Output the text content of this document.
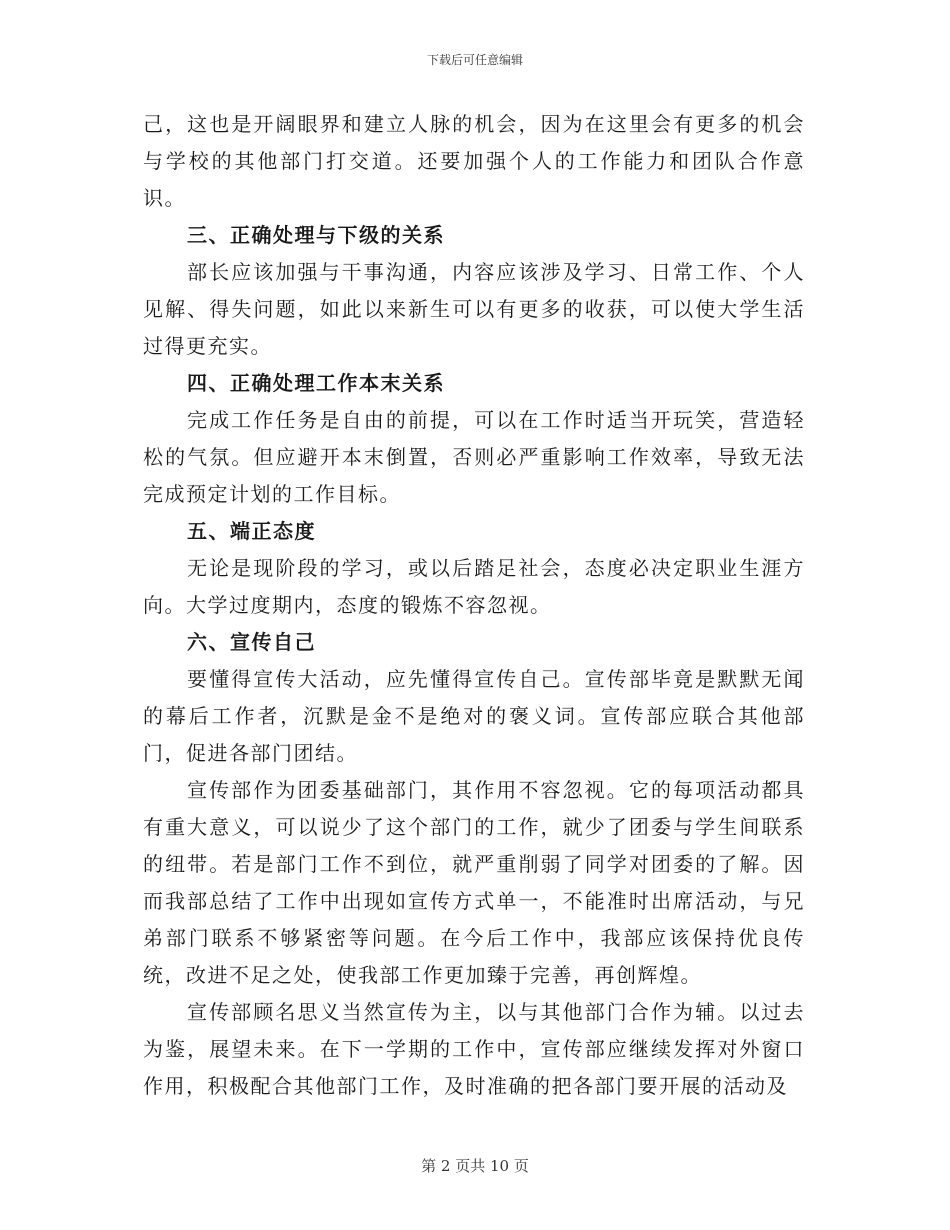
下载后可任意编辑

己，这也是开阔眼界和建立人脉的机会，因为在这里会有更多的机会与学校的其他部门打交道。还要加强个人的工作能力和团队合作意识。

三、正确处理与下级的关系

部长应该加强与干事沟通，内容应该涉及学习、日常工作、个人见解、得失问题，如此以来新生可以有更多的收获，可以使大学生活过得更充实。

四、正确处理工作本末关系

完成工作任务是自由的前提，可以在工作时适当开玩笑，营造轻松的气氛。但应避开本末倒置，否则必严重影响工作效率，导致无法完成预定计划的工作目标。

五、端正态度

无论是现阶段的学习，或以后踏足社会，态度必决定职业生涯方向。大学过度期内，态度的锻炼不容忽视。

六、宣传自己

要懂得宣传大活动，应先懂得宣传自己。宣传部毕竟是默默无闻的幕后工作者，沉默是金不是绝对的褒义词。宣传部应联合其他部门，促进各部门团结。

宣传部作为团委基础部门，其作用不容忽视。它的每项活动都具有重大意义，可以说少了这个部门的工作，就少了团委与学生间联系的纽带。若是部门工作不到位，就严重削弱了同学对团委的了解。因而我部总结了工作中出现如宣传方式单一，不能准时出席活动，与兄弟部门联系不够紧密等问题。在今后工作中，我部应该保持优良传统，改进不足之处，使我部工作更加臻于完善，再创辉煌。

宣传部顾名思义当然宣传为主，以与其他部门合作为辅。以过去为鉴，展望未来。在下一学期的工作中，宣传部应继续发挥对外窗口作用，积极配合其他部门工作，及时准确的把各部门要开展的活动及

第 2 页共 10 页
